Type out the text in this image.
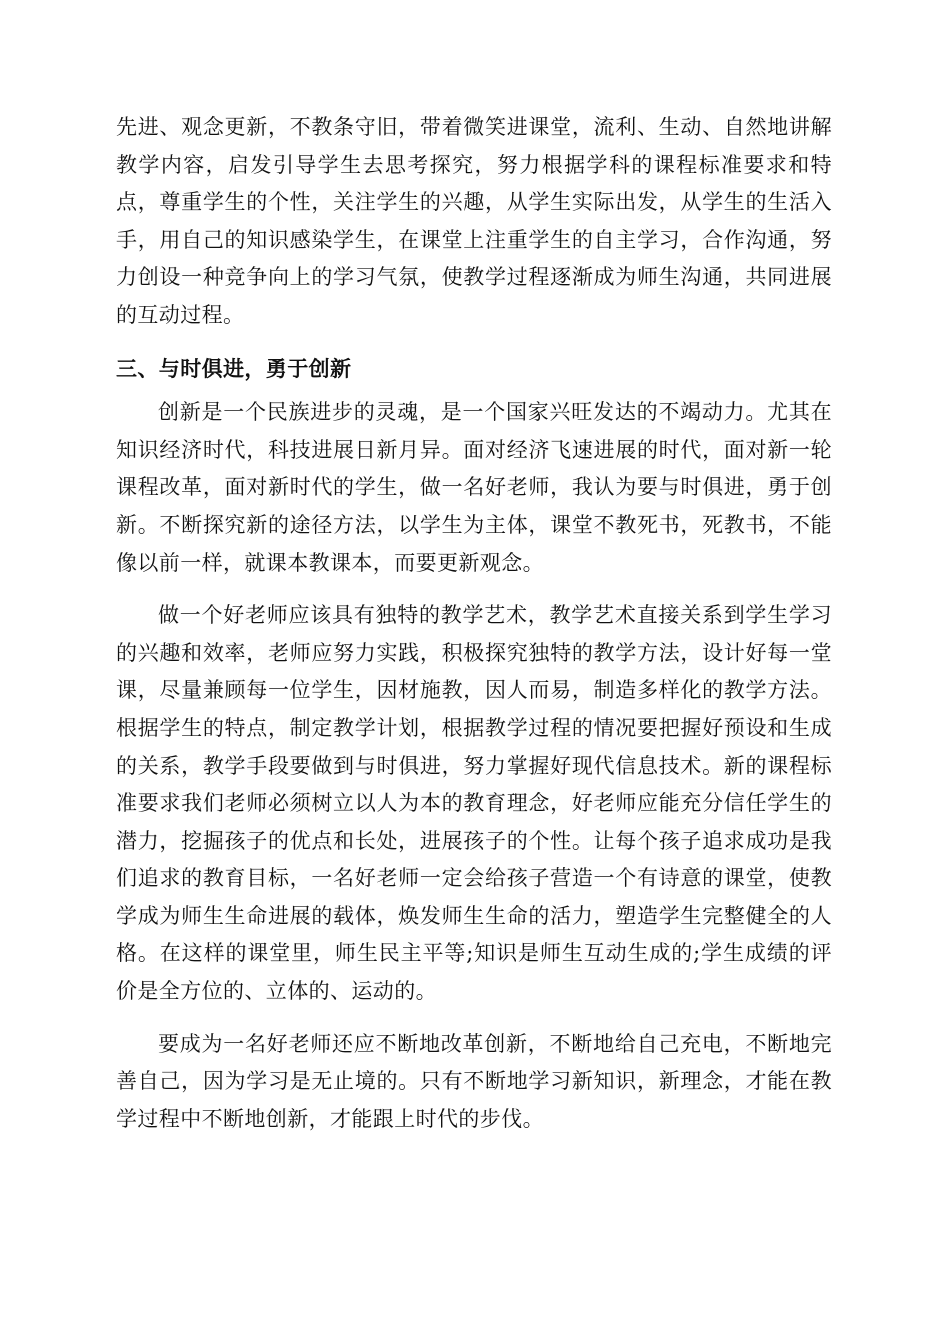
先进、观念更新，不教条守旧，带着微笑进课堂，流利、生动、自然地讲解教学内容，启发引导学生去思考探究，努力根据学科的课程标准要求和特点，尊重学生的个性，关注学生的兴趣，从学生实际出发，从学生的生活入手，用自己的知识感染学生，在课堂上注重学生的自主学习，合作沟通，努力创设一种竞争向上的学习气氛，使教学过程逐渐成为师生沟通，共同进展的互动过程。

三、与时俱进，勇于创新

创新是一个民族进步的灵魂，是一个国家兴旺发达的不竭动力。尤其在知识经济时代，科技进展日新月异。面对经济飞速进展的时代，面对新一轮课程改革，面对新时代的学生，做一名好老师，我认为要与时俱进，勇于创新。不断探究新的途径方法，以学生为主体，课堂不教死书，死教书，不能像以前一样，就课本教课本，而要更新观念。

做一个好老师应该具有独特的教学艺术，教学艺术直接关系到学生学习的兴趣和效率，老师应努力实践，积极探究独特的教学方法，设计好每一堂课，尽量兼顾每一位学生，因材施教，因人而易，制造多样化的教学方法。根据学生的特点，制定教学计划，根据教学过程的情况要把握好预设和生成的关系，教学手段要做到与时俱进，努力掌握好现代信息技术。新的课程标准要求我们老师必须树立以人为本的教育理念，好老师应能充分信任学生的潜力，挖掘孩子的优点和长处，进展孩子的个性。让每个孩子追求成功是我们追求的教育目标，一名好老师一定会给孩子营造一个有诗意的课堂，使教学成为师生生命进展的载体，焕发师生生命的活力，塑造学生完整健全的人格。在这样的课堂里，师生民主平等;知识是师生互动生成的;学生成绩的评价是全方位的、立体的、运动的。

要成为一名好老师还应不断地改革创新，不断地给自己充电，不断地完善自己，因为学习是无止境的。只有不断地学习新知识，新理念，才能在教学过程中不断地创新，才能跟上时代的步伐。
